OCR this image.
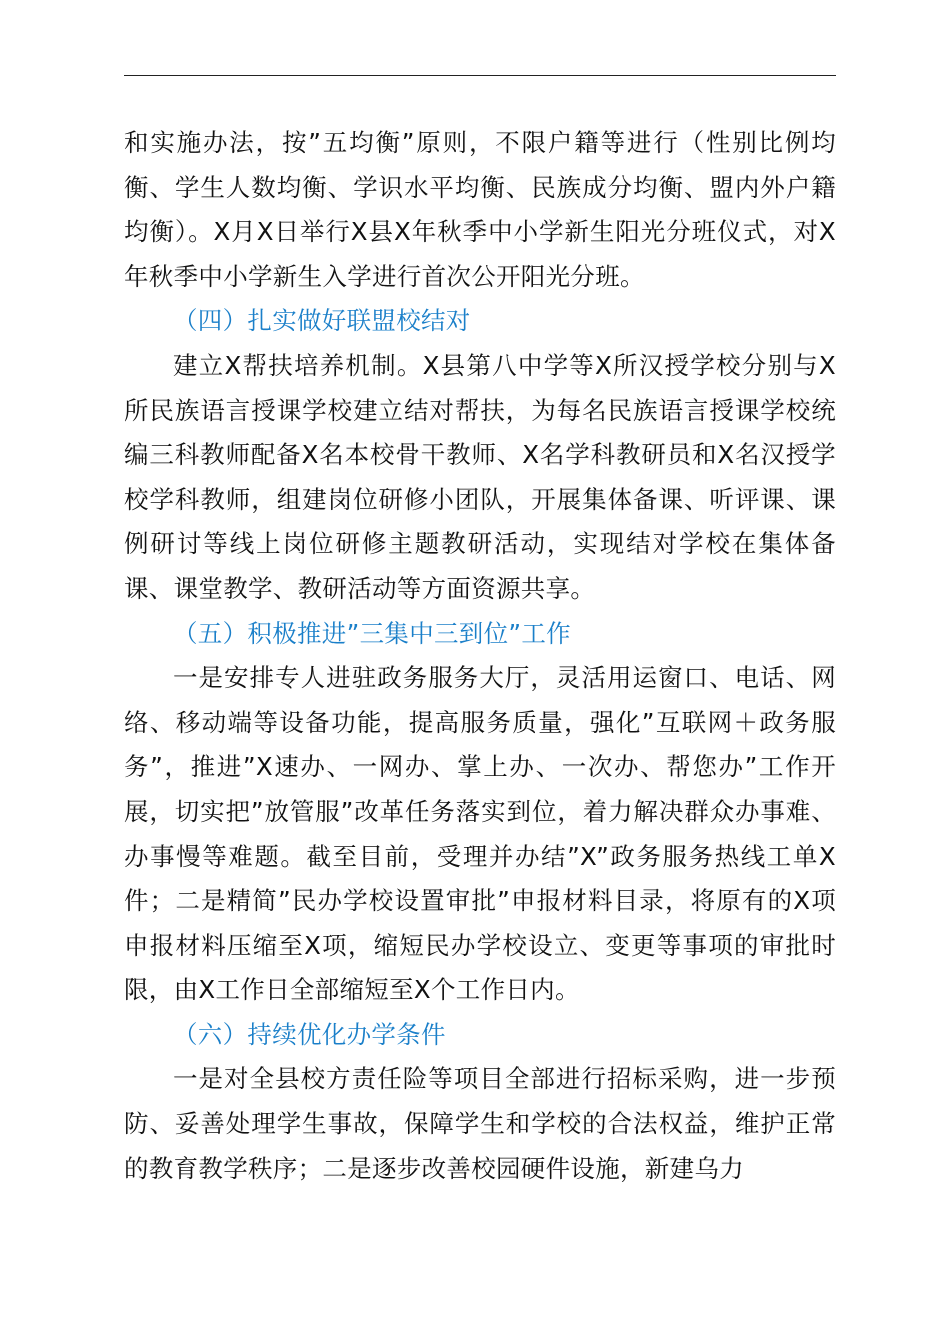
和实施办法，按”五均衡”原则，不限户籍等进行（性别比例均衡、学生人数均衡、学识水平均衡、民族成分均衡、盟内外户籍均衡）。X月X日举行X县X年秋季中小学新生阳光分班仪式，对X年秋季中小学新生入学进行首次公开阳光分班。

（四）扎实做好联盟校结对

建立X帮扶培养机制。X县第八中学等X所汉授学校分别与X所民族语言授课学校建立结对帮扶，为每名民族语言授课学校统编三科教师配备X名本校骨干教师、X名学科教研员和X名汉授学校学科教师，组建岗位研修小团队，开展集体备课、听评课、课例研讨等线上岗位研修主题教研活动，实现结对学校在集体备课、课堂教学、教研活动等方面资源共享。

（五）积极推进”三集中三到位”工作

一是安排专人进驻政务服务大厅，灵活用运窗口、电话、网络、移动端等设备功能，提高服务质量，强化”互联网＋政务服务”，推进”X速办、一网办、掌上办、一次办、帮您办”工作开展，切实把”放管服”改革任务落实到位，着力解决群众办事难、办事慢等难题。截至目前，受理并办结”X”政务服务热线工单X件；二是精简”民办学校设置审批”申报材料目录，将原有的X项申报材料压缩至X项，缩短民办学校设立、变更等事项的审批时限，由X工作日全部缩短至X个工作日内。

（六）持续优化办学条件

一是对全县校方责任险等项目全部进行招标采购，进一步预防、妥善处理学生事故，保障学生和学校的合法权益，维护正常的教育教学秩序；二是逐步改善校园硬件设施，新建乌力
